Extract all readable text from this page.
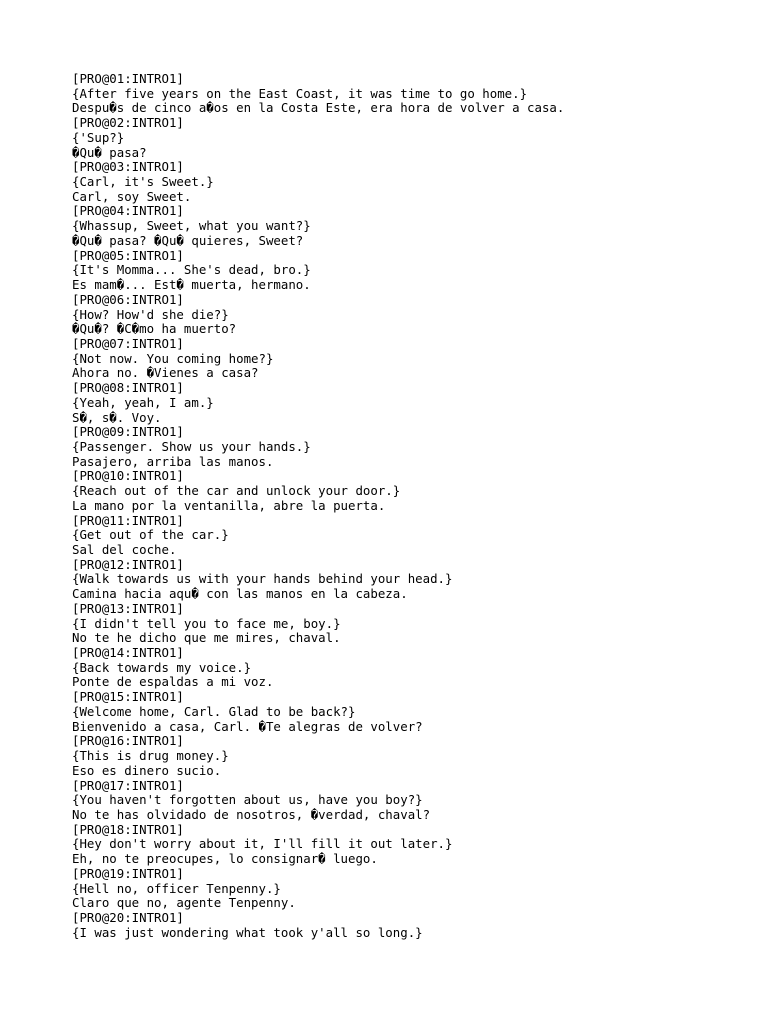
[PRO@01:INTRO1]
{After five years on the East Coast, it was time to go home.}
Despu�s de cinco a�os en la Costa Este, era hora de volver a casa.
[PRO@02:INTRO1]
{'Sup?}
�Qu� pasa?
[PRO@03:INTRO1]
{Carl, it's Sweet.}
Carl, soy Sweet.
[PRO@04:INTRO1]
{Whassup, Sweet, what you want?}
�Qu� pasa? �Qu� quieres, Sweet?
[PRO@05:INTRO1]
{It's Momma... She's dead, bro.}
Es mam�... Est� muerta, hermano.
[PRO@06:INTRO1]
{How? How'd she die?}
�Qu�? �C�mo ha muerto?
[PRO@07:INTRO1]
{Not now. You coming home?}
Ahora no. �Vienes a casa?
[PRO@08:INTRO1]
{Yeah, yeah, I am.}
S�, s�. Voy.
[PRO@09:INTRO1]
{Passenger. Show us your hands.}
Pasajero, arriba las manos.
[PRO@10:INTRO1]
{Reach out of the car and unlock your door.}
La mano por la ventanilla, abre la puerta.
[PRO@11:INTRO1]
{Get out of the car.}
Sal del coche.
[PRO@12:INTRO1]
{Walk towards us with your hands behind your head.}
Camina hacia aqu� con las manos en la cabeza.
[PRO@13:INTRO1]
{I didn't tell you to face me, boy.}
No te he dicho que me mires, chaval.
[PRO@14:INTRO1]
{Back towards my voice.}
Ponte de espaldas a mi voz.
[PRO@15:INTRO1]
{Welcome home, Carl. Glad to be back?}
Bienvenido a casa, Carl. �Te alegras de volver?
[PRO@16:INTRO1]
{This is drug money.}
Eso es dinero sucio.
[PRO@17:INTRO1]
{You haven't forgotten about us, have you boy?}
No te has olvidado de nosotros, �verdad, chaval?
[PRO@18:INTRO1]
{Hey don't worry about it, I'll fill it out later.}
Eh, no te preocupes, lo consignar� luego.
[PRO@19:INTRO1]
{Hell no, officer Tenpenny.}
Claro que no, agente Tenpenny.
[PRO@20:INTRO1]
{I was just wondering what took y'all so long.}
